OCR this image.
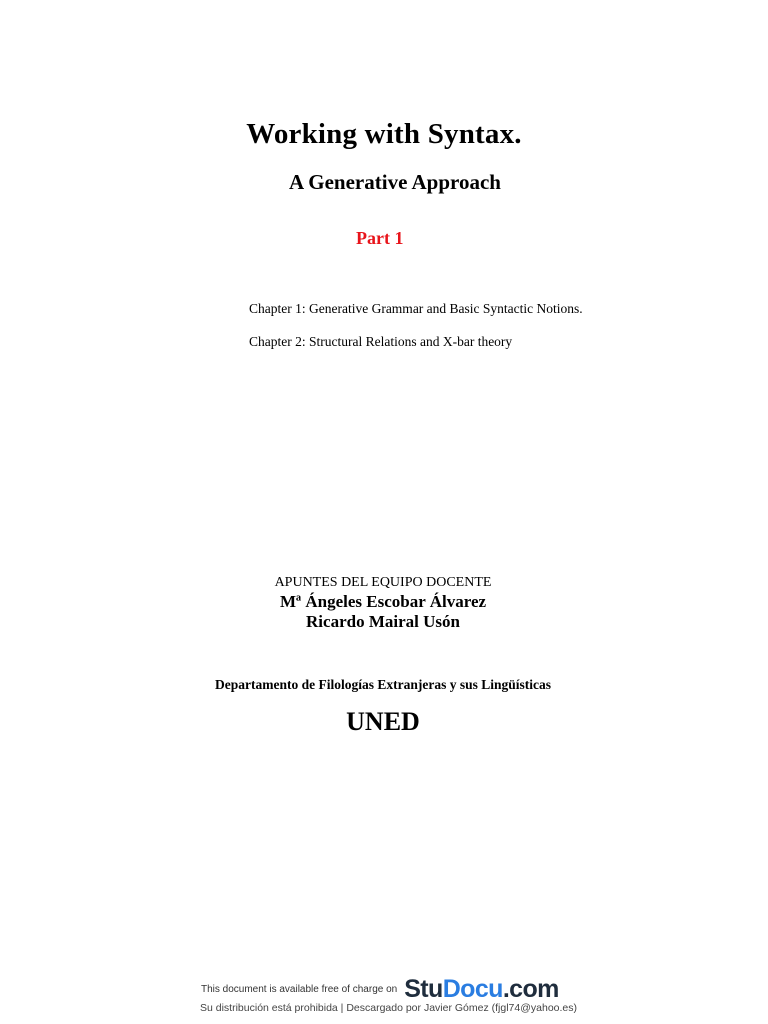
Working with Syntax.
A Generative Approach
Part 1
Chapter 1: Generative Grammar and Basic Syntactic Notions.
Chapter 2: Structural Relations and X-bar theory
APUNTES DEL EQUIPO DOCENTE
Mª Ángeles Escobar Álvarez
Ricardo Mairal Usón
Departamento de Filologías Extranjeras y sus Lingüísticas
UNED
This document is available free of charge on StuDocu.com
Su distribución está prohibida | Descargado por Javier Gómez (fjgl74@yahoo.es)
